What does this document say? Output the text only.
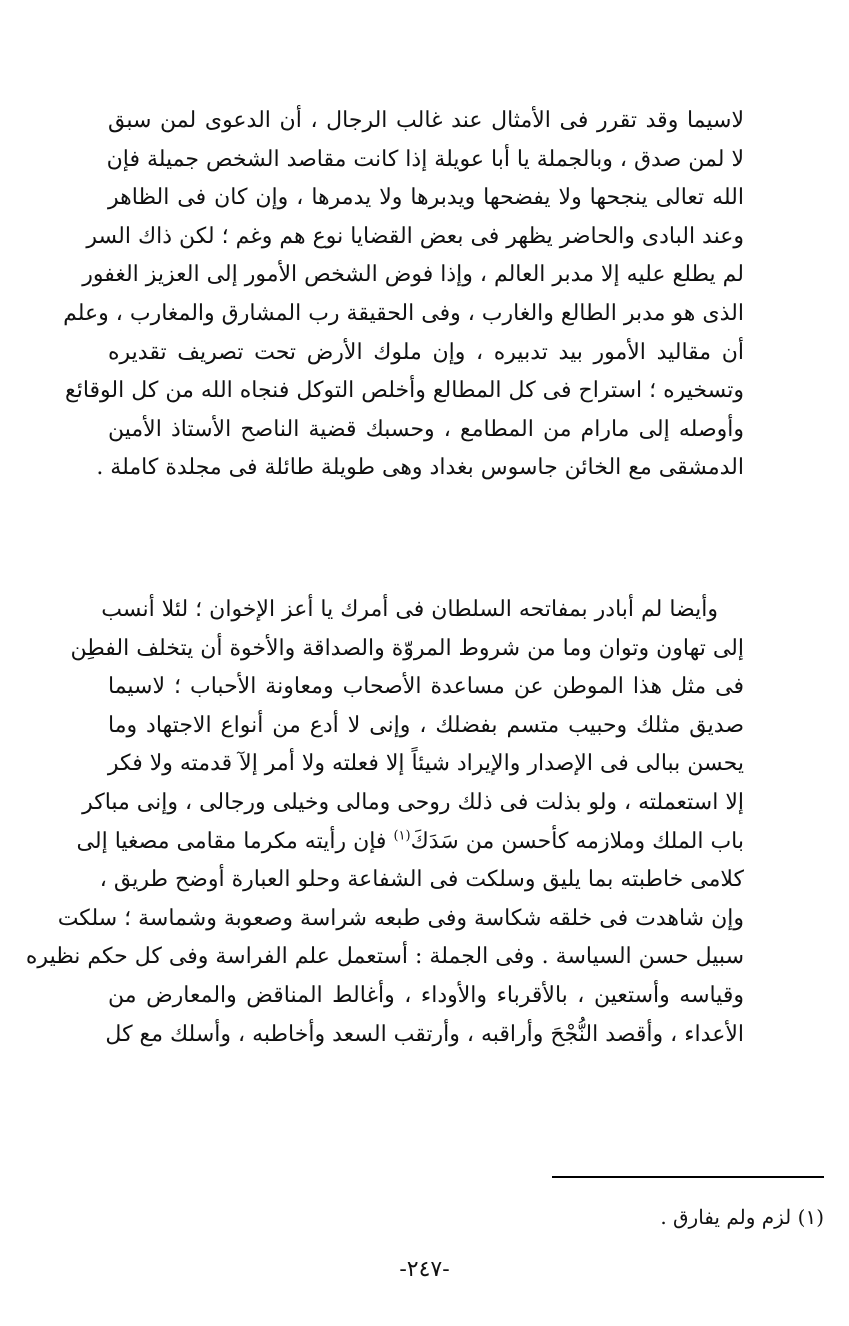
لاسيما وقد تقرر فى الأمثال عند غالب الرجال ، أن الدعوى لمن سبق
لا لمن صدق ، وبالجملة يا أبا عويلة إذا كانت مقاصد الشخص جميلة فإن
الله تعالى ينجحها ولا يفضحها ويدبرها ولا يدمرها ، وإن كان فى الظاهر
وعند البادى والحاضر يظهر فى بعض القضايا نوع هم وغم ؛ لكن ذاك السر
لم يطلع عليه إلا مدبر العالم ، وإذا فوض الشخص الأمور إلى العزيز الغفور
الذى هو مدبر الطالع والغارب ، وفى الحقيقة رب المشارق والمغارب ، وعلم
أن مقاليد الأمور بيد تدبيره ، وإن ملوك الأرض تحت تصريف تقديره
وتسخيره ؛ استراح فى كل المطالع وأخلص التوكل فنجاه الله من كل الوقائع
وأوصله إلى مارام من المطامع ، وحسبك قضية الناصح الأستاذ الأمين
الدمشقى مع الخائن جاسوس بغداد وهى طويلة طائلة فى مجلدة كاملة .
وأيضا لم أبادر بمفاتحه السلطان فى أمرك يا أعز الإخوان ؛ لئلا أنسب
إلى تهاون وتوان وما من شروط المروّة والصداقة والأخوة أن يتخلف الفطِن
فى مثل هذا الموطن عن مساعدة الأصحاب ومعاونة الأحباب ؛ لاسيما
صديق مثلك وحبيب متسم بفضلك ، وإنى لا أدع من أنواع الاجتهاد وما
يحسن ببالى فى الإصدار والإيراد شيئاً إلا فعلته ولا أمر إلآ قدمته ولا فكر
إلا استعملته ، ولو بذلت فى ذلك روحى ومالى وخيلى ورجالى ، وإنى مباكر
باب الملك وملازمه كأحسن من سَدَكَ$^{(١)}$ فإن رأيته مكرما مقامى مصغيا إلى
كلامى خاطبته بما يليق وسلكت فى الشفاعة وحلو العبارة أوضح طريق ،
وإن شاهدت فى خلقه شكاسة وفى طبعه شراسة وصعوبة وشماسة ؛ سلكت
سبيل حسن السياسة . وفى الجملة : أستعمل علم الفراسة وفى كل حكم نظيره
وقياسه وأستعين ، بالأقرباء والأوداء ، وأغالط المناقض والمعارض من
الأعداء ، وأقصد النُّجْحَ وأراقبه ، وأرتقب السعد وأخاطبه ، وأسلك مع كل
(١) لزم ولم يفارق .
-٢٤٧-
